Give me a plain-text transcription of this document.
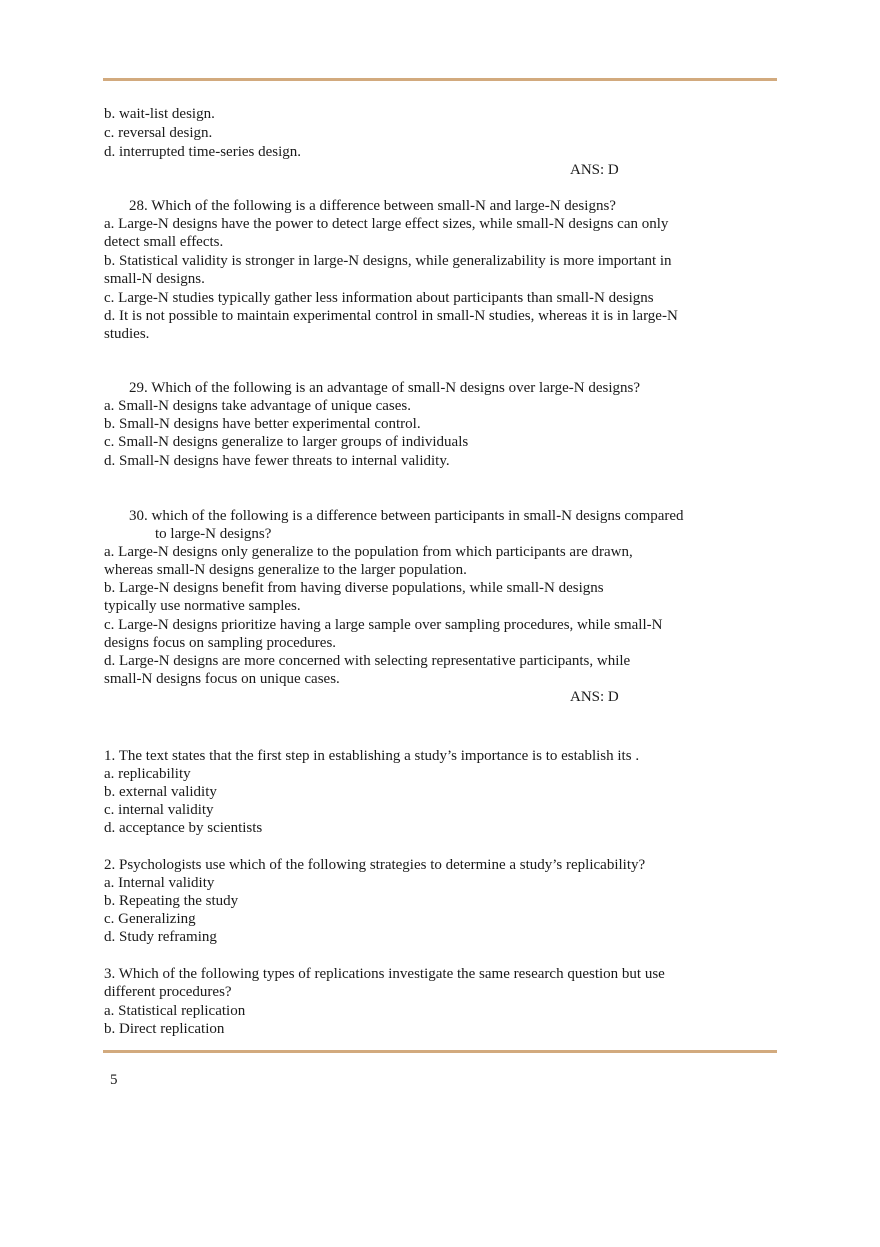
b. wait-list design.
c. reversal design.
d. interrupted time-series design.
ANS: D
28. Which of the following is a difference between small-N and large-N designs?
a. Large-N designs have the power to detect large effect sizes, while small-N designs can only
detect small effects.
b. Statistical validity is stronger in large-N designs, while generalizability is more important in
small-N designs.
c. Large-N studies typically gather less information about participants than small-N designs
d. It is not possible to maintain experimental control in small-N studies, whereas it is in large-N
studies.
29. Which of the following is an advantage of small-N designs over large-N designs?
a. Small-N designs take advantage of unique cases.
b. Small-N designs have better experimental control.
c. Small-N designs generalize to larger groups of individuals
d. Small-N designs have fewer threats to internal validity.
30. which of the following is a difference between participants in small-N designs compared
to large-N designs?
a. Large-N designs only generalize to the population from which participants are drawn,
whereas small-N designs generalize to the larger population.
b. Large-N designs benefit from having diverse populations, while small-N designs
typically use normative samples.
c. Large-N designs prioritize having a large sample over sampling procedures, while small-N
designs focus on sampling procedures.
d. Large-N designs are more concerned with selecting representative participants, while
small-N designs focus on unique cases.
ANS: D
1. The text states that the first step in establishing a study’s importance is to establish its .
a. replicability
b. external validity
c. internal validity
d. acceptance by scientists
2. Psychologists use which of the following strategies to determine a study’s replicability?
a. Internal validity
b. Repeating the study
c. Generalizing
d. Study reframing
3. Which of the following types of replications investigate the same research question but use
different procedures?
a. Statistical replication
b. Direct replication
5
